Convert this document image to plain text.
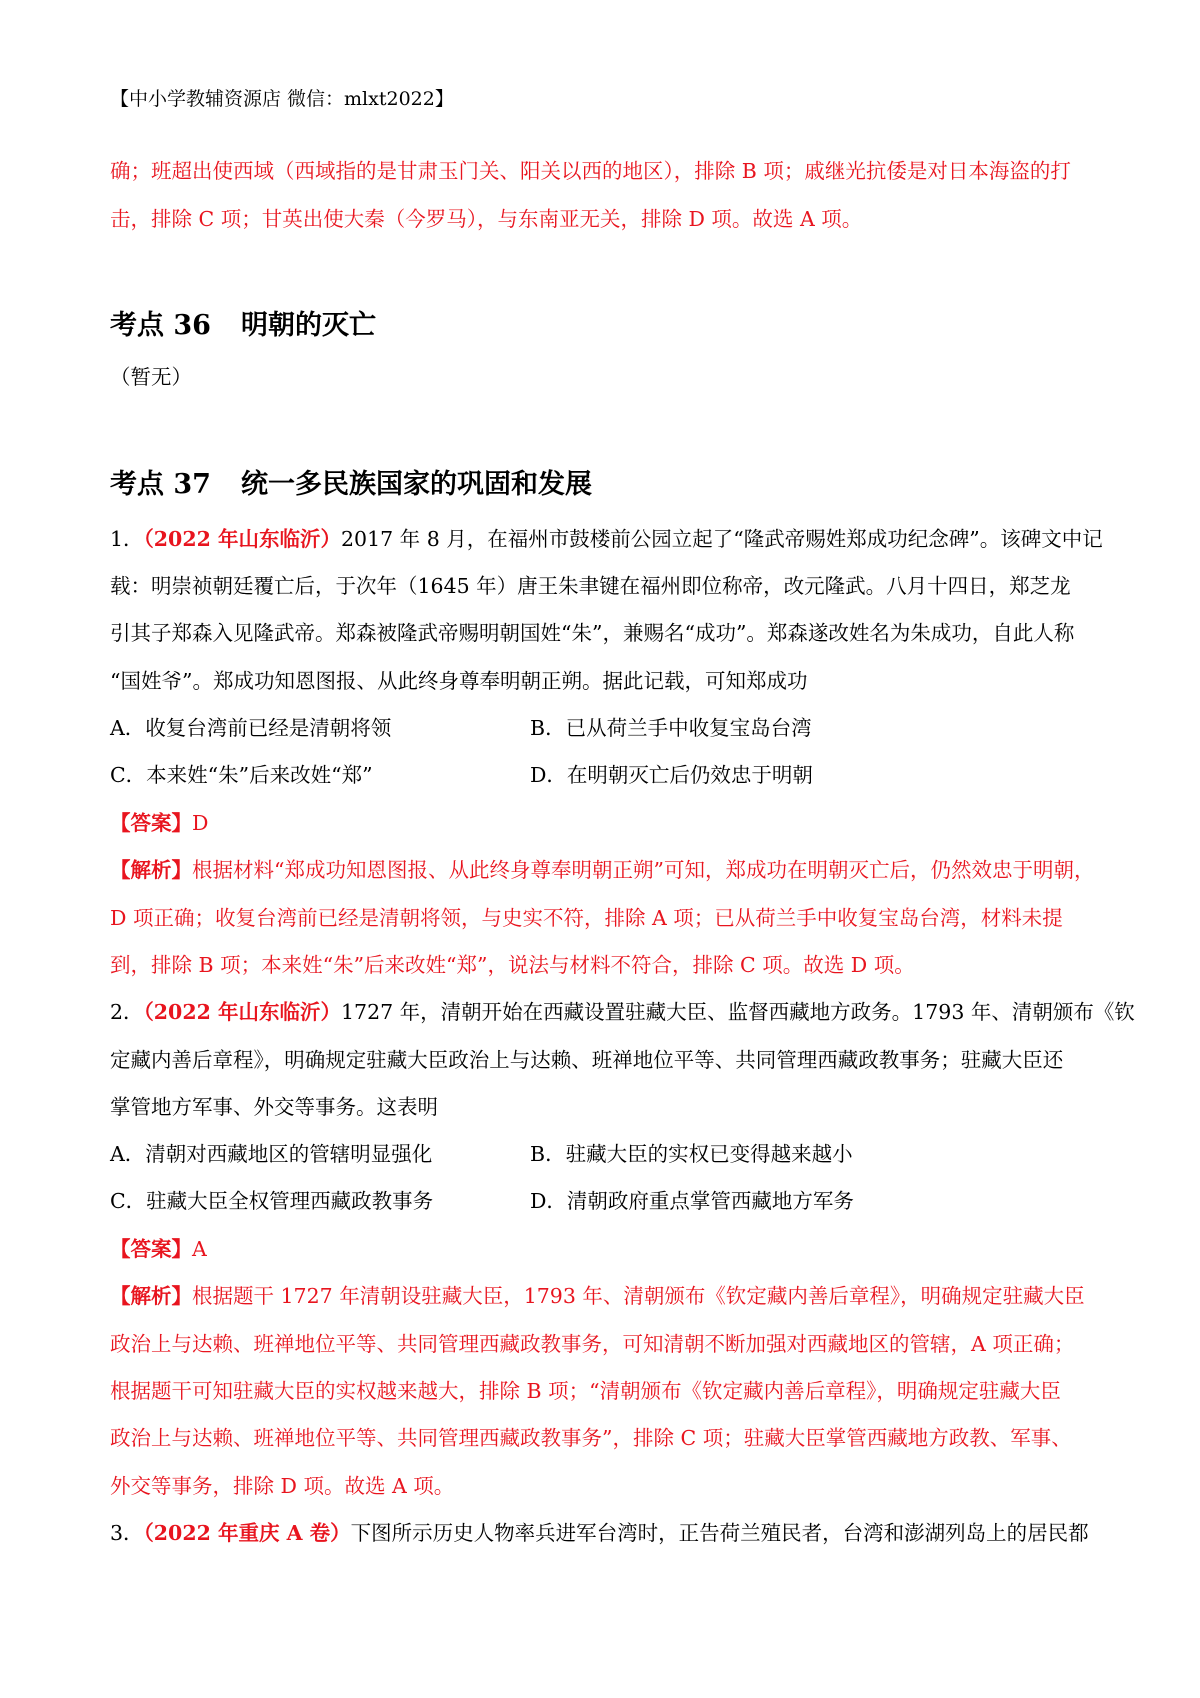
【中小学教辅资源店 微信：mlxt2022】
确；班超出使西域（西域指的是甘肃玉门关、阳关以西的地区），排除 B 项；戚继光抗倭是对日本海盗的打
击，排除 C 项；甘英出使大秦（今罗马），与东南亚无关，排除 D 项。故选 A 项。
考点 36 明朝的灭亡
（暂无）
考点 37 统一多民族国家的巩固和发展
1．（2022 年山东临沂）2017 年 8 月，在福州市鼓楼前公园立起了“隆武帝赐姓郑成功纪念碑”。该碑文中记
载：明崇祯朝廷覆亡后，于次年（1645 年）唐王朱聿键在福州即位称帝，改元隆武。八月十四日，郑芝龙
引其子郑森入见隆武帝。郑森被隆武帝赐明朝国姓“朱”，兼赐名“成功”。郑森遂改姓名为朱成功，自此人称
“国姓爷”。郑成功知恩图报、从此终身尊奉明朝正朔。据此记载，可知郑成功
A．收复台湾前已经是清朝将领	B．已从荷兰手中收复宝岛台湾
C．本来姓“朱”后来改姓“郑”	D．在明朝灭亡后仍效忠于明朝
【答案】D
【解析】根据材料“郑成功知恩图报、从此终身尊奉明朝正朔”可知，郑成功在明朝灭亡后，仍然效忠于明朝，
D 项正确；收复台湾前已经是清朝将领，与史实不符，排除 A 项；已从荷兰手中收复宝岛台湾，材料未提
到，排除 B 项；本来姓“朱”后来改姓“郑”，说法与材料不符合，排除 C 项。故选 D 项。
2．（2022 年山东临沂）1727 年，清朝开始在西藏设置驻藏大臣、监督西藏地方政务。1793 年、清朝颁布《钦
定藏内善后章程》，明确规定驻藏大臣政治上与达赖、班禅地位平等、共同管理西藏政教事务；驻藏大臣还
掌管地方军事、外交等事务。这表明
A．清朝对西藏地区的管辖明显强化	B．驻藏大臣的实权已变得越来越小
C．驻藏大臣全权管理西藏政教事务	D．清朝政府重点掌管西藏地方军务
【答案】A
【解析】根据题干 1727 年清朝设驻藏大臣，1793 年、清朝颁布《钦定藏内善后章程》，明确规定驻藏大臣
政治上与达赖、班禅地位平等、共同管理西藏政教事务，可知清朝不断加强对西藏地区的管辖，A 项正确；
根据题干可知驻藏大臣的实权越来越大，排除 B 项；“清朝颁布《钦定藏内善后章程》，明确规定驻藏大臣
政治上与达赖、班禅地位平等、共同管理西藏政教事务”，排除 C 项；驻藏大臣掌管西藏地方政教、军事、
外交等事务，排除 D 项。故选 A 项。
3．（2022 年重庆 A 卷）下图所示历史人物率兵进军台湾时，正告荷兰殖民者，台湾和澎湖列岛上的居民都
